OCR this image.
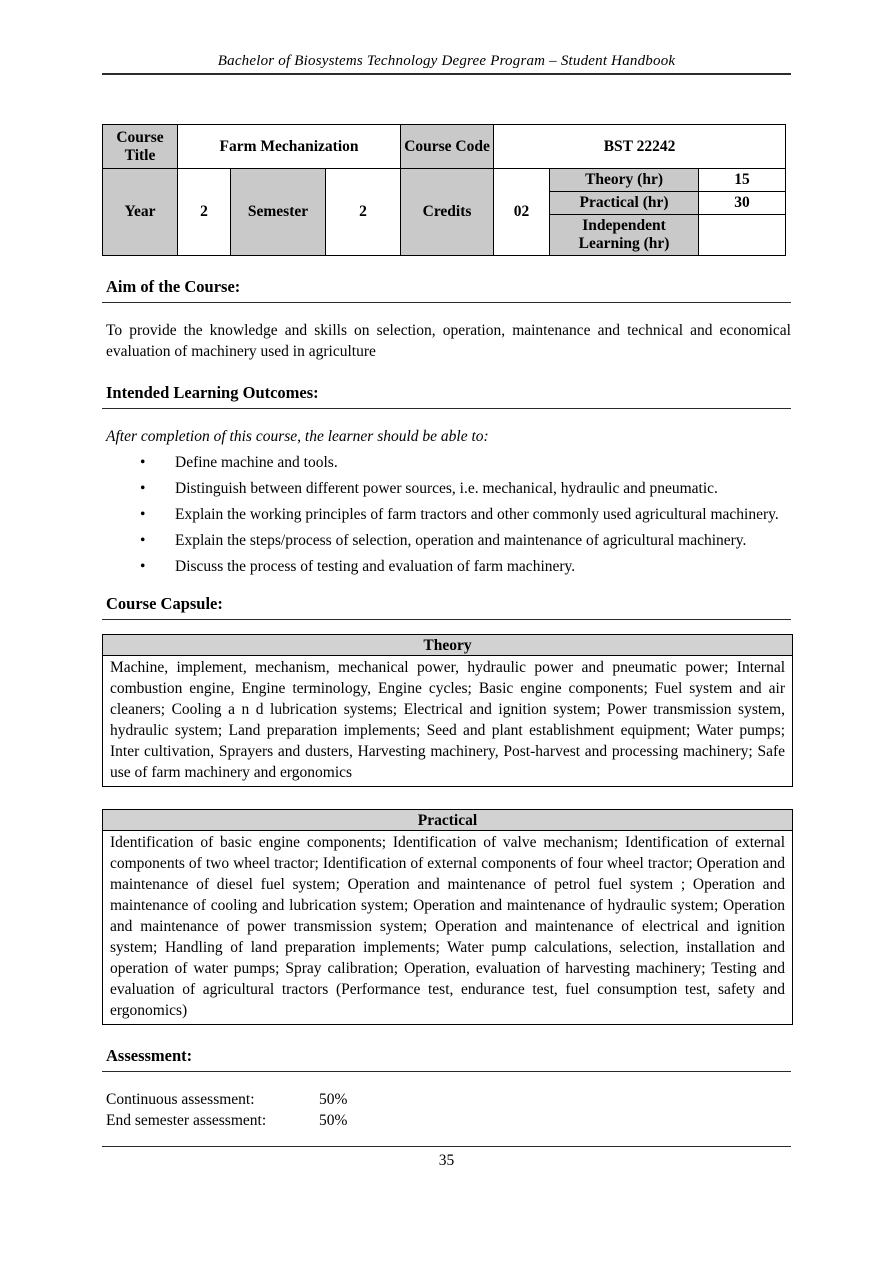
Bachelor of Biosystems Technology Degree Program – Student Handbook
Course Title	Farm Mechanization			Course Code	BST 22242		
Year	2	Semester	2	Credits	02	Theory (hr)	15
						Practical (hr)	30
						Independent Learning (hr)	
Aim of the Course:
To provide the knowledge and skills on selection, operation, maintenance and technical and economical evaluation of machinery used in agriculture
Intended Learning Outcomes:
After completion of this course, the learner should be able to:
• Define machine and tools.
• Distinguish between different power sources, i.e. mechanical, hydraulic and pneumatic.
• Explain the working principles of farm tractors and other commonly used agricultural machinery.
• Explain the steps/process of selection, operation and maintenance of agricultural machinery.
• Discuss the process of testing and evaluation of farm machinery.
Course Capsule:
Theory
Machine, implement, mechanism, mechanical power, hydraulic power and pneumatic power; Internal combustion engine, Engine terminology, Engine cycles; Basic engine components; Fuel system and air cleaners; Cooling a n d lubrication systems; Electrical and ignition system; Power transmission system, hydraulic system; Land preparation implements; Seed and plant establishment equipment; Water pumps; Inter cultivation, Sprayers and dusters, Harvesting machinery, Post-harvest and processing machinery; Safe use of farm machinery and ergonomics
Practical
Identification of basic engine components; Identification of valve mechanism; Identification of external components of two wheel tractor; Identification of external components of four wheel tractor; Operation and maintenance of diesel fuel system; Operation and maintenance of petrol fuel system ; Operation and maintenance of cooling and lubrication system; Operation and maintenance of hydraulic system; Operation and maintenance of power transmission system; Operation and maintenance of electrical and ignition system; Handling of land preparation implements; Water pump calculations, selection, installation and operation of water pumps; Spray calibration; Operation, evaluation of harvesting machinery; Testing and evaluation of agricultural tractors (Performance test, endurance test, fuel consumption test, safety and ergonomics)
Assessment:
Continuous assessment:	50%
End semester assessment:	50%
35
